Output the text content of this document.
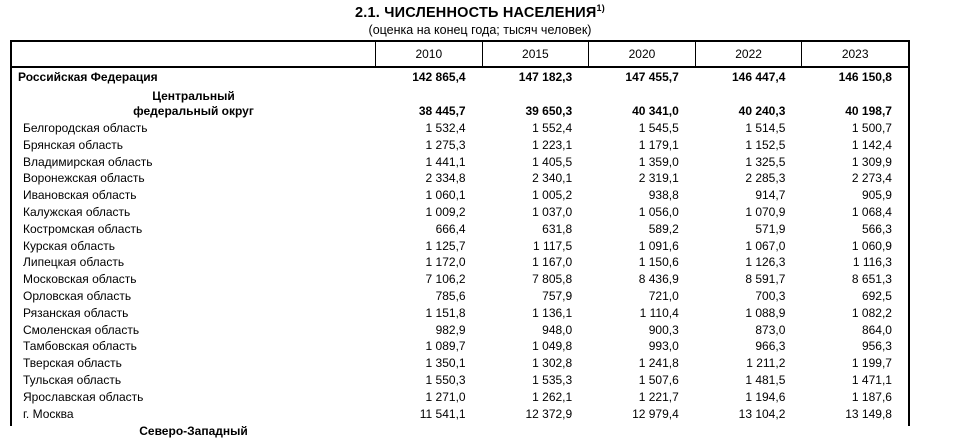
2.1. ЧИСЛЕННОСТЬ НАСЕЛЕНИЯ$^{1)}$
(оценка на конец года; тысяч человек)
2010	2015	2020	2022	2023
Российская Федерация	142 865,4	147 182,3	147 455,7	146 447,4	146 150,8
Центральный
федеральный округ	38 445,7	39 650,3	40 341,0	40 240,3	40 198,7
Белгородская область	1 532,4	1 552,4	1 545,5	1 514,5	1 500,7
Брянская область	1 275,3	1 223,1	1 179,1	1 152,5	1 142,4
Владимирская область	1 441,1	1 405,5	1 359,0	1 325,5	1 309,9
Воронежская область	2 334,8	2 340,1	2 319,1	2 285,3	2 273,4
Ивановская область	1 060,1	1 005,2	938,8	914,7	905,9
Калужская область	1 009,2	1 037,0	1 056,0	1 070,9	1 068,4
Костромская область	666,4	631,8	589,2	571,9	566,3
Курская область	1 125,7	1 117,5	1 091,6	1 067,0	1 060,9
Липецкая область	1 172,0	1 167,0	1 150,6	1 126,3	1 116,3
Московская область	7 106,2	7 805,8	8 436,9	8 591,7	8 651,3
Орловская область	785,6	757,9	721,0	700,3	692,5
Рязанская область	1 151,8	1 136,1	1 110,4	1 088,9	1 082,2
Смоленская область	982,9	948,0	900,3	873,0	864,0
Тамбовская область	1 089,7	1 049,8	993,0	966,3	956,3
Тверская область	1 350,1	1 302,8	1 241,8	1 211,2	1 199,7
Тульская область	1 550,3	1 535,3	1 507,6	1 481,5	1 471,1
Ярославская область	1 271,0	1 262,1	1 221,7	1 194,6	1 187,6
г. Москва	11 541,1	12 372,9	12 979,4	13 104,2	13 149,8
Северо-Западный
